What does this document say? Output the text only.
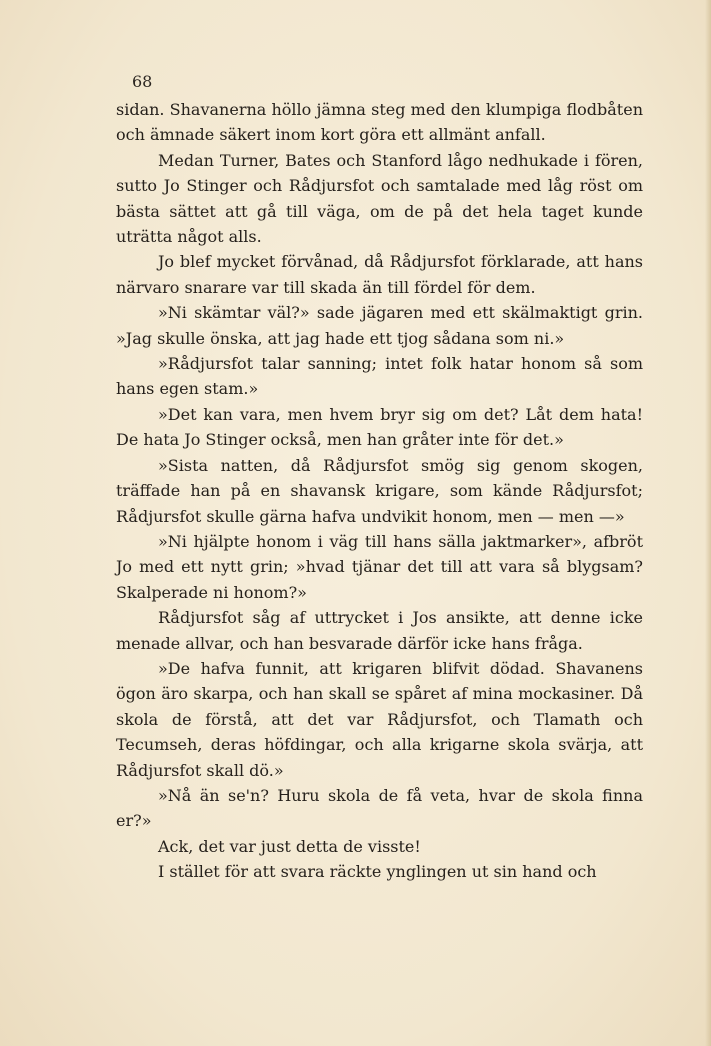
68

sidan. Shavanerna höllo jämna steg med den klumpiga flodbåten och ämnade säkert inom kort göra ett allmänt anfall.

Medan Turner, Bates och Stanford lågo nedhukade i fören, sutto Jo Stinger och Rådjursfot och samtalade med låg röst om bästa sättet att gå till väga, om de på det hela taget kunde uträtta något alls.

Jo blef mycket förvånad, då Rådjursfot förklarade, att hans närvaro snarare var till skada än till fördel för dem.

»Ni skämtar väl?» sade jägaren med ett skälmaktigt grin. »Jag skulle önska, att jag hade ett tjog sådana som ni.»

»Rådjursfot talar sanning; intet folk hatar honom så som hans egen stam.»

»Det kan vara, men hvem bryr sig om det? Låt dem hata! De hata Jo Stinger också, men han gråter inte för det.»

»Sista natten, då Rådjursfot smög sig genom skogen, träffade han på en shavansk krigare, som kände Rådjursfot; Rådjursfot skulle gärna hafva undvikit honom, men — men —»

»Ni hjälpte honom i väg till hans sälla jaktmarker», afbröt Jo med ett nytt grin; »hvad tjänar det till att vara så blygsam? Skalperade ni honom?»

Rådjursfot såg af uttrycket i Jos ansikte, att denne icke menade allvar, och han besvarade därför icke hans fråga.

»De hafva funnit, att krigaren blifvit dödad. Shavanens ögon äro skarpa, och han skall se spåret af mina mockasiner. Då skola de förstå, att det var Rådjursfot, och Tlamath och Tecumseh, deras höfdingar, och alla krigarne skola svärja, att Rådjursfot skall dö.»

»Nå än se'n? Huru skola de få veta, hvar de skola finna er?»

Ack, det var just detta de visste!

I stället för att svara räckte ynglingen ut sin hand och
